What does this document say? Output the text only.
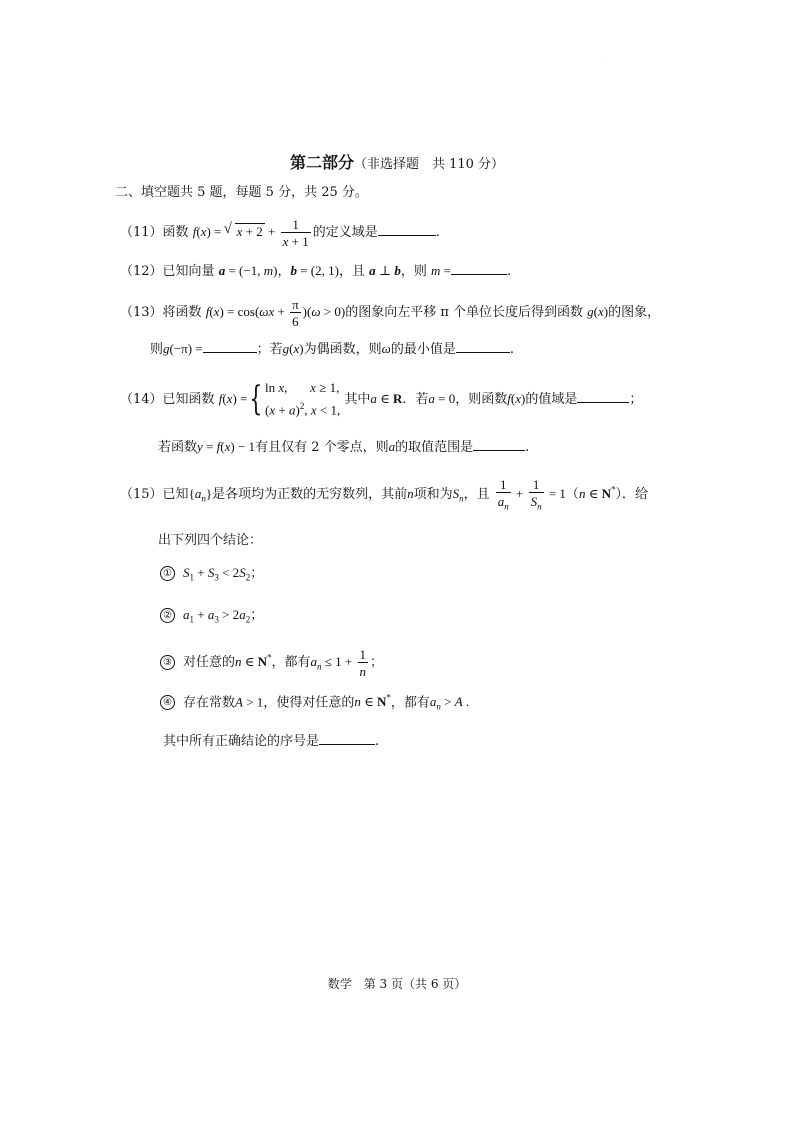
·
第二部分（非选择题　共 110 分）
二、填空题共 5 题，每题 5 分，共 25 分。
（11）函数 f(x) = √ $x + 2 + \frac{1}{x + 1}$ 的定义域是	.
（12）已知向量 a = (−1, m)，b = (2, 1)，且 a ⊥ b，则 m =	.
（13）将函数 $f(x) = \cos(\omega x + \frac{\pi}{6} )(\omega > 0)$的图象向左平移 π 个单位长度后得到函数 g(x)的图象，
则g(−π) =	；若g(x)为偶函数，则ω的最小值是	.
（14）已知函数 f(x) ={ ln x,       x ≥ 1,
$(x + a)^2$, x < 1,
其中a ∈ R．若a = 0，则函数f(x)的值域是	；
若函数y = f(x) − 1有且仅有 2 个零点，则a的取值范围是	.
（15）已知$\{a_n\}$是各项均为正数的无穷数列，其前n项和为$S_n$，且 $\frac{1}{a_n} + \frac{1}{S_n} = 1(n$ ∈ N*）．给
出下列四个结论：
① $S_1 + S_3 < 2S_2$；
② $a_1 + a_3 > 2a_2$；
③ 对任意的n ∈ N*，都有$a_n \le 1 + \frac{1}{n}$ ；
④ 存在常数A > 1，使得对任意的n ∈ N*，都有$a_n > A$ .
其中所有正确结论的序号是	.
数学　第 3 页（共 6 页）
